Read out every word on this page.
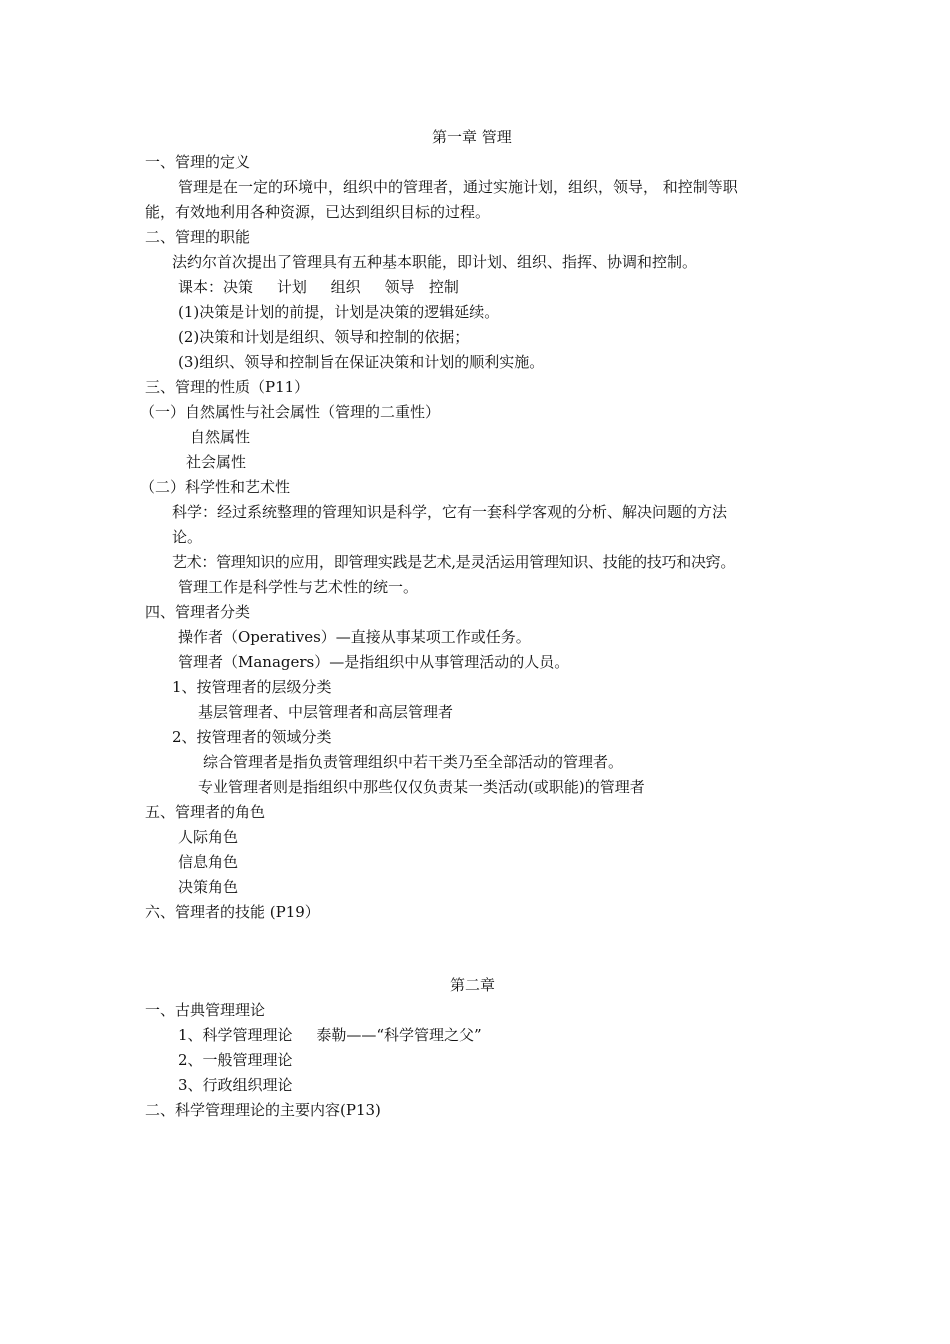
第一章 管理

一、管理的定义

管理是在一定的环境中，组织中的管理者，通过实施计划，组织，领导， 和控制等职

能，有效地利用各种资源，已达到组织目标的过程。

二、管理的职能

法约尔首次提出了管理具有五种基本职能，即计划、组织、指挥、协调和控制。

课本：决策     计划     组织     领导   控制

(1)决策是计划的前提，计划是决策的逻辑延续。

(2)决策和计划是组织、领导和控制的依据；

(3)组织、领导和控制旨在保证决策和计划的顺利实施。

三、管理的性质（P11）

（一）自然属性与社会属性（管理的二重性）

自然属性

社会属性

（二）科学性和艺术性

科学：经过系统整理的管理知识是科学，它有一套科学客观的分析、解决问题的方法

论。

艺术：管理知识的应用，即管理实践是艺术,是灵活运用管理知识、技能的技巧和决窍。

管理工作是科学性与艺术性的统一。

四、管理者分类

操作者（Operatives）—直接从事某项工作或任务。

管理者（Managers）—是指组织中从事管理活动的人员。

1、按管理者的层级分类

基层管理者、中层管理者和高层管理者

2、按管理者的领域分类

综合管理者是指负责管理组织中若干类乃至全部活动的管理者。

专业管理者则是指组织中那些仅仅负责某一类活动(或职能)的管理者

五、管理者的角色

人际角色

信息角色

决策角色

六、管理者的技能 (P19）

第二章

一、古典管理理论

1、科学管理理论     泰勒——“科学管理之父”

2、一般管理理论

3、行政组织理论

二、科学管理理论的主要内容(P13)
